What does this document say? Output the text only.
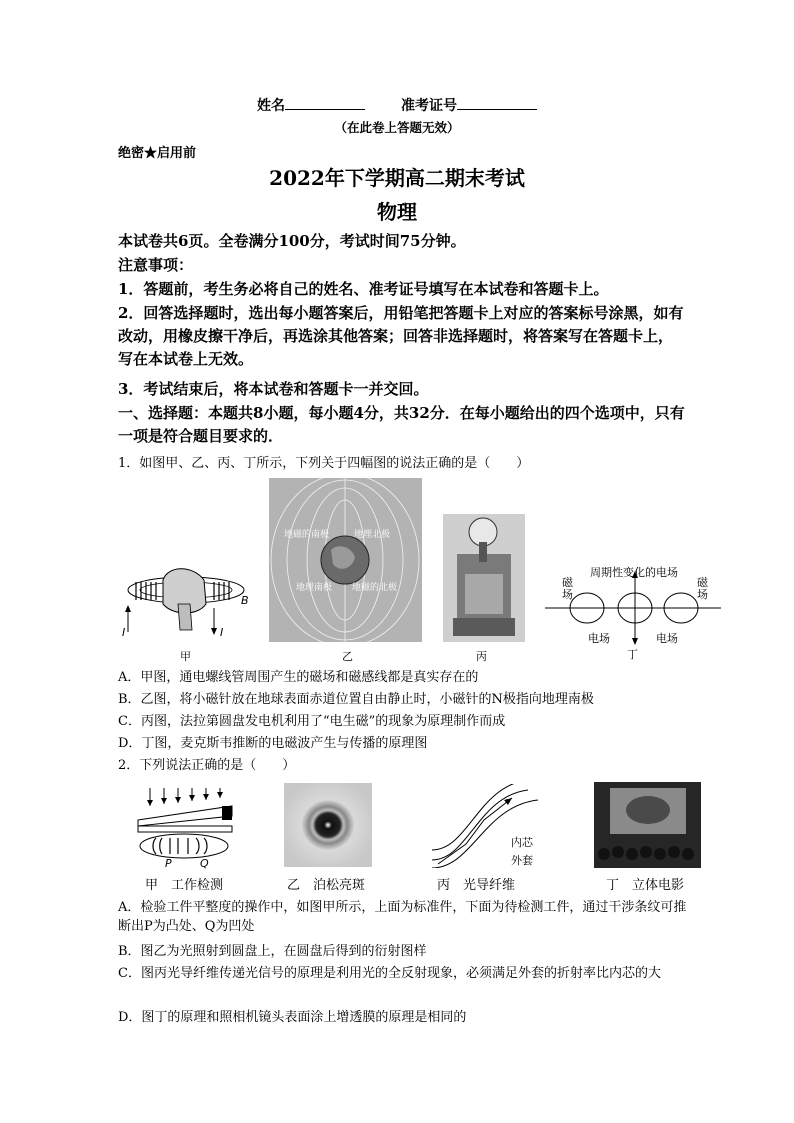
姓名	准考证号
（在此卷上答题无效）
绝密★启用前
2022年下学期高二期末考试
物理
本试卷共6页。全卷满分100分，考试时间75分钟。
注意事项：
1．答题前，考生务必将自己的姓名、准考证号填写在本试卷和答题卡上。
2．回答选择题时，选出每小题答案后，用铅笔把答题卡上对应的答案标号涂黑，如有改动，用橡皮擦干净后，再选涂其他答案；回答非选择题时，将答案写在答题卡上，写在本试卷上无效。
3．考试结束后，将本试卷和答题卡一并交回。
一、选择题：本题共8小题，每小题4分，共32分．在每小题给出的四个选项中，只有一项是符合题目要求的．
1．如图甲、乙、丙、丁所示，下列关于四幅图的说法正确的是（　　）
B
I	I
甲
地磁的南极	地理北极
地理南极 地磁的北极
乙	丙
周期性变化的电场
磁场
磁场
电场	电场
丁
A．甲图，通电螺线管周围产生的磁场和磁感线都是真实存在的
B．乙图，将小磁针放在地球表面赤道位置自由静止时，小磁针的N极指向地理南极
C．丙图，法拉第圆盘发电机利用了“电生磁”的现象为原理制作而成
D．丁图，麦克斯韦推断的电磁波产生与传播的原理图
2．下列说法正确的是（　　）
P	Q
内芯
外套
甲　工作检测	乙　泊松亮斑	丙　光导纤维	丁　立体电影
A．检验工件平整度的操作中，如图甲所示，上面为标准件，下面为待检测工件，通过干涉条纹可推断出P为凸处、Q为凹处
B．图乙为光照射到圆盘上，在圆盘后得到的衍射图样
C．图丙光导纤维传递光信号的原理是利用光的全反射现象，必须满足外套的折射率比内芯的大
D．图丁的原理和照相机镜头表面涂上增透膜的原理是相同的
